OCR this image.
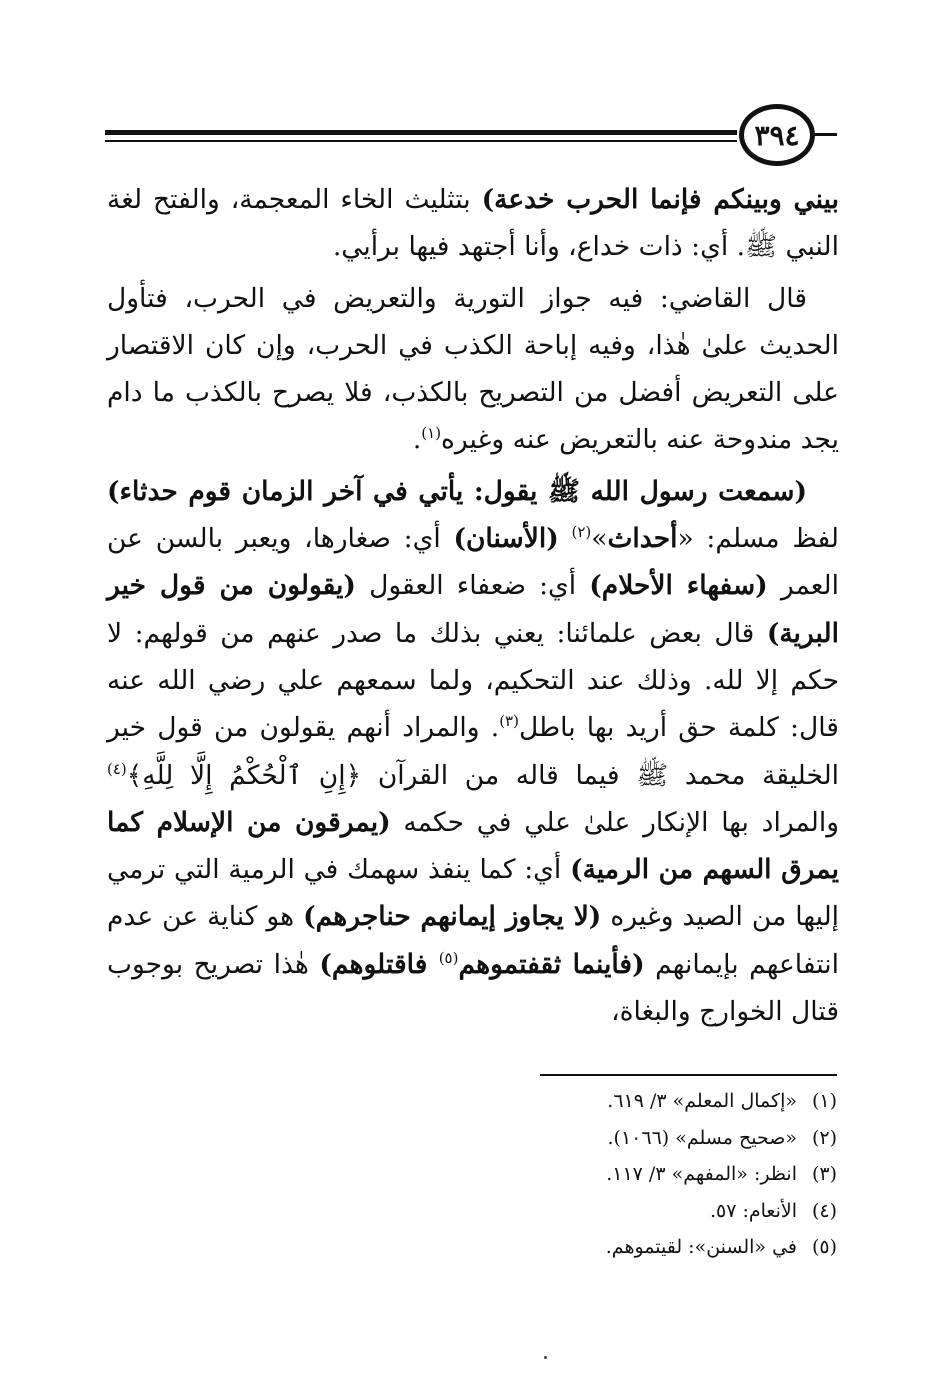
٣٩٤

بيني وبينكم فإنما الحرب خدعة) بتثليث الخاء المعجمة، والفتح لغة النبي ﷺ. أي: ذات خداع، وأنا أجتهد فيها برأيي.

قال القاضي: فيه جواز التورية والتعريض في الحرب، فتأول الحديث علىٰ هٰذا، وفيه إباحة الكذب في الحرب، وإن كان الاقتصار على التعريض أفضل من التصريح بالكذب، فلا يصرح بالكذب ما دام يجد مندوحة عنه بالتعريض عنه وغيره$^{(١)}$.

(سمعت رسول الله ﷺ يقول: يأتي في آخر الزمان قوم حدثاء) لفظ مسلم: «أحداث»$^{(٢)}$ (الأسنان) أي: صغارها، ويعبر بالسن عن العمر (سفهاء الأحلام) أي: ضعفاء العقول (يقولون من قول خير البرية) قال بعض علمائنا: يعني بذلك ما صدر عنهم من قولهم: لا حكم إلا لله. وذلك عند التحكيم، ولما سمعهم علي رضي الله عنه قال: كلمة حق أريد بها باطل$^{(٣)}$. والمراد أنهم يقولون من قول خير الخليقة محمد ﷺ فيما قاله من القرآن ﴿إِنِ ٱلْحُكْمُ إِلَّا لِلَّهِ﴾$^{(٤)}$ والمراد بها الإنكار علىٰ علي في حكمه (يمرقون من الإسلام كما يمرق السهم من الرمية) أي: كما ينفذ سهمك في الرمية التي ترمي إليها من الصيد وغيره (لا يجاوز إيمانهم حناجرهم) هو كناية عن عدم انتفاعهم بإيمانهم (فأينما ثقفتموهم$^{(٥)}$ فاقتلوهم) هٰذا تصريح بوجوب قتال الخوارج والبغاة،

(١)«إكمال المعلم» ٣/ ٦١٩.
(٢)«صحيح مسلم» (١٠٦٦).
(٣)انظر: «المفهم» ٣/ ١١٧.
(٤)الأنعام: ٥٧.
(٥)في «السنن»: لقيتموهم.
